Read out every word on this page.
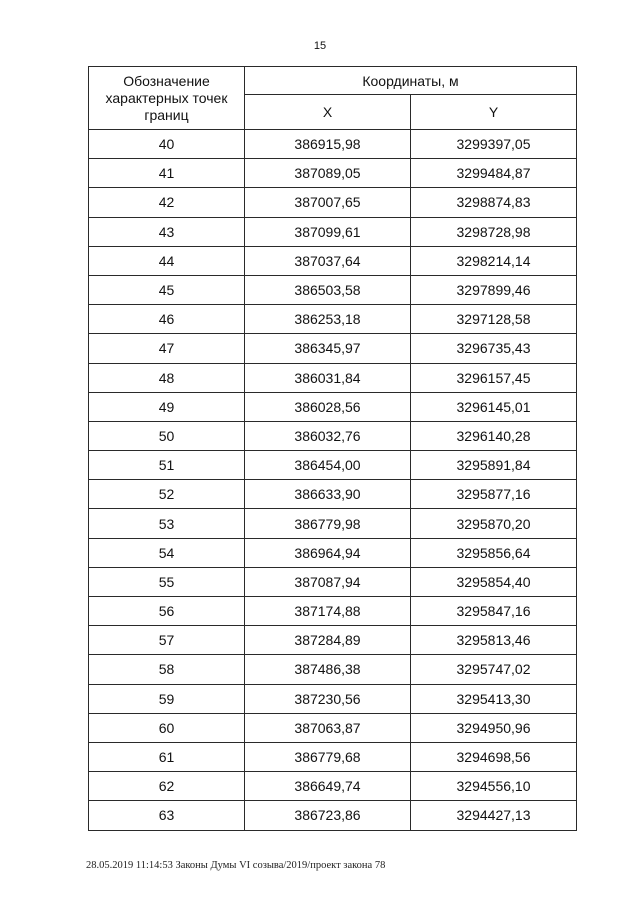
15
Обозначение характерных точек границ	Координаты, м	
	X	Y
40	386915,98	3299397,05
41	387089,05	3299484,87
42	387007,65	3298874,83
43	387099,61	3298728,98
44	387037,64	3298214,14
45	386503,58	3297899,46
46	386253,18	3297128,58
47	386345,97	3296735,43
48	386031,84	3296157,45
49	386028,56	3296145,01
50	386032,76	3296140,28
51	386454,00	3295891,84
52	386633,90	3295877,16
53	386779,98	3295870,20
54	386964,94	3295856,64
55	387087,94	3295854,40
56	387174,88	3295847,16
57	387284,89	3295813,46
58	387486,38	3295747,02
59	387230,56	3295413,30
60	387063,87	3294950,96
61	386779,68	3294698,56
62	386649,74	3294556,10
63	386723,86	3294427,13
28.05.2019 11:14:53 Законы Думы VI созыва/2019/проект закона 78
